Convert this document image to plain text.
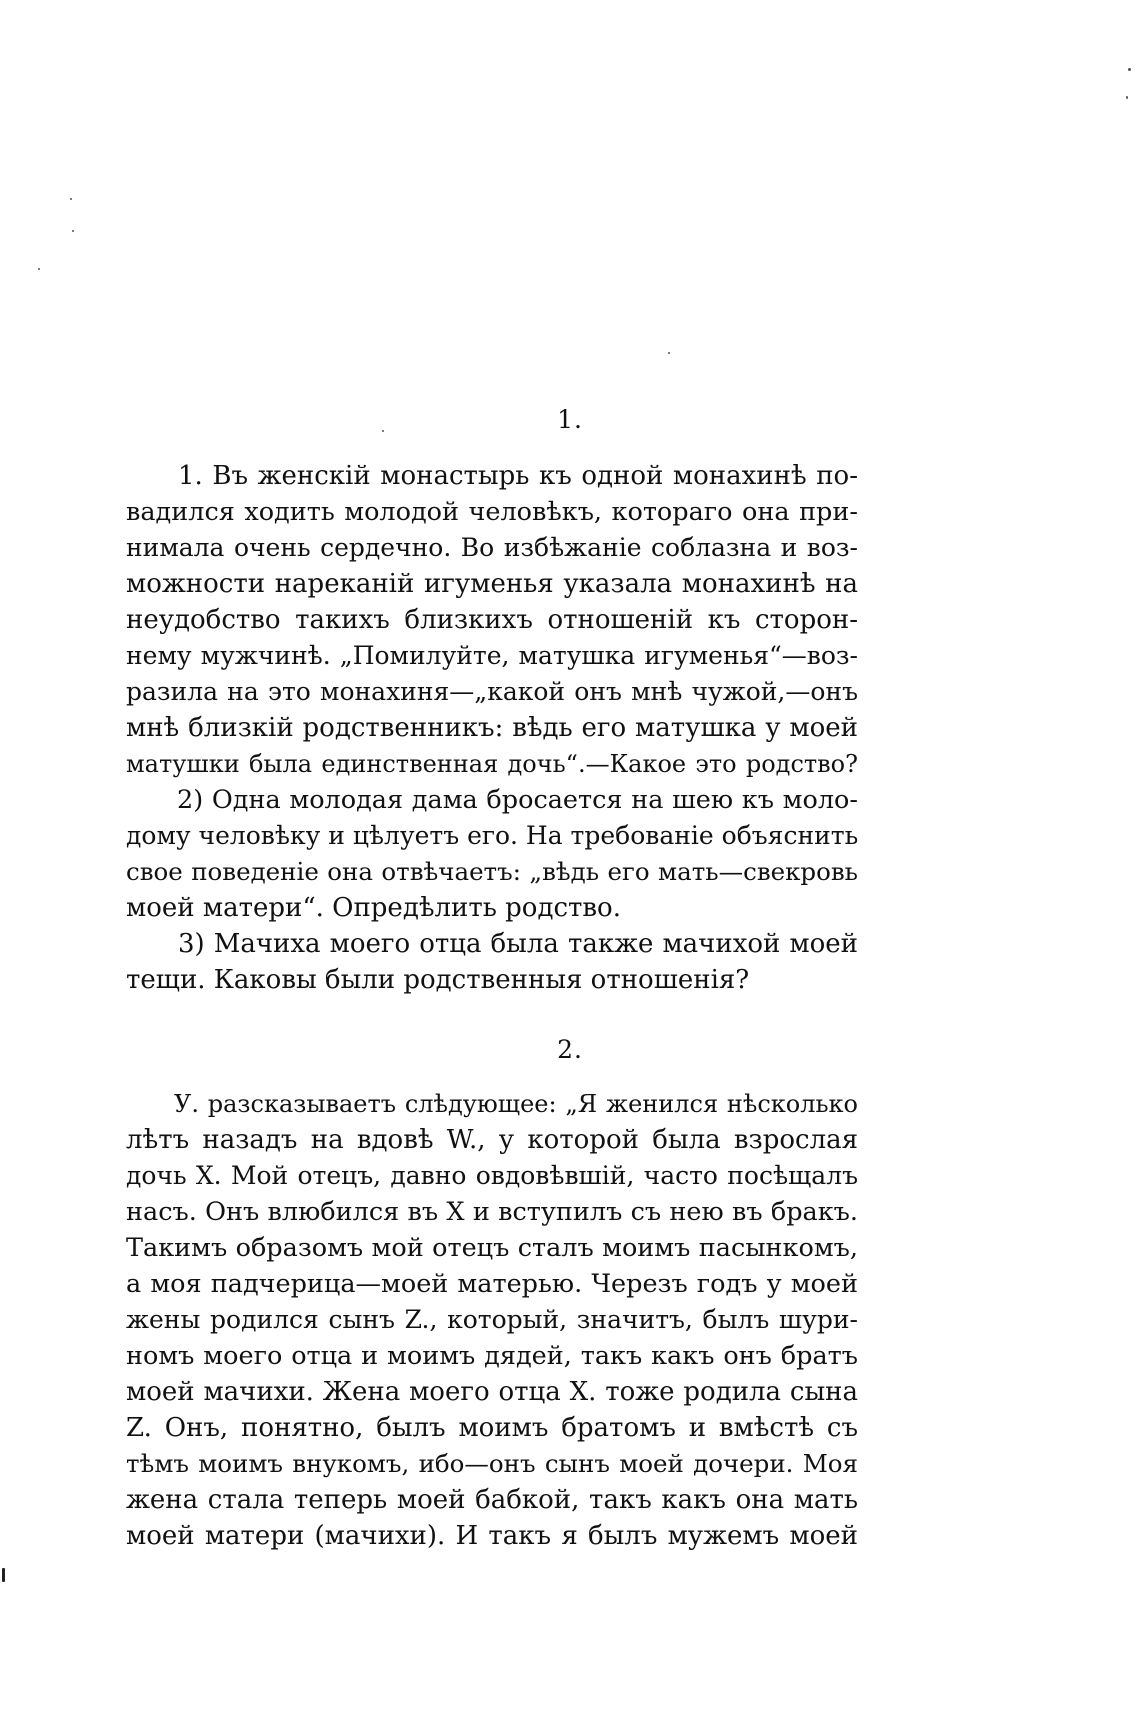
1.
1. Въ женскій монастырь къ одной монахинѣ по-
вадился ходить молодой человѣкъ, котораго она при-
нимала очень сердечно. Во избѣжаніе соблазна и воз-
можности нареканій игуменья указала монахинѣ на
неудобство такихъ близкихъ отношеній къ сторон-
нему мужчинѣ. „Помилуйте, матушка игуменья“—воз-
разила на это монахиня—„какой онъ мнѣ чужой,—онъ
мнѣ близкій родственникъ: вѣдь его матушка у моей
матушки была единственная дочь“.—Какое это родство?
2) Одна молодая дама бросается на шею къ моло-
дому человѣку и цѣлуетъ его. На требованіе объяснить
свое поведеніе она отвѣчаетъ: „вѣдь его мать—свекровь
моей матери“. Опредѣлить родство.
3) Мачиха моего отца была также мачихой моей
тещи. Каковы были родственныя отношенія?
2.
У. разсказываетъ слѣдующее: „Я женился нѣсколько
лѣтъ назадъ на вдовѣ W., у которой была взрослая
дочь X. Мой отецъ, давно овдовѣвшій, часто посѣщалъ
насъ. Онъ влюбился въ X и вступилъ съ нею въ бракъ.
Такимъ образомъ мой отецъ сталъ моимъ пасынкомъ,
а моя падчерица—моей матерью. Черезъ годъ у моей
жены родился сынъ Z., который, значитъ, былъ шури-
номъ моего отца и моимъ дядей, такъ какъ онъ братъ
моей мачихи. Жена моего отца X. тоже родила сына
Z. Онъ, понятно, былъ моимъ братомъ и вмѣстѣ съ
тѣмъ моимъ внукомъ, ибо—онъ сынъ моей дочери. Моя
жена стала теперь моей бабкой, такъ какъ она мать
моей матери (мачихи). И такъ я былъ мужемъ моей
